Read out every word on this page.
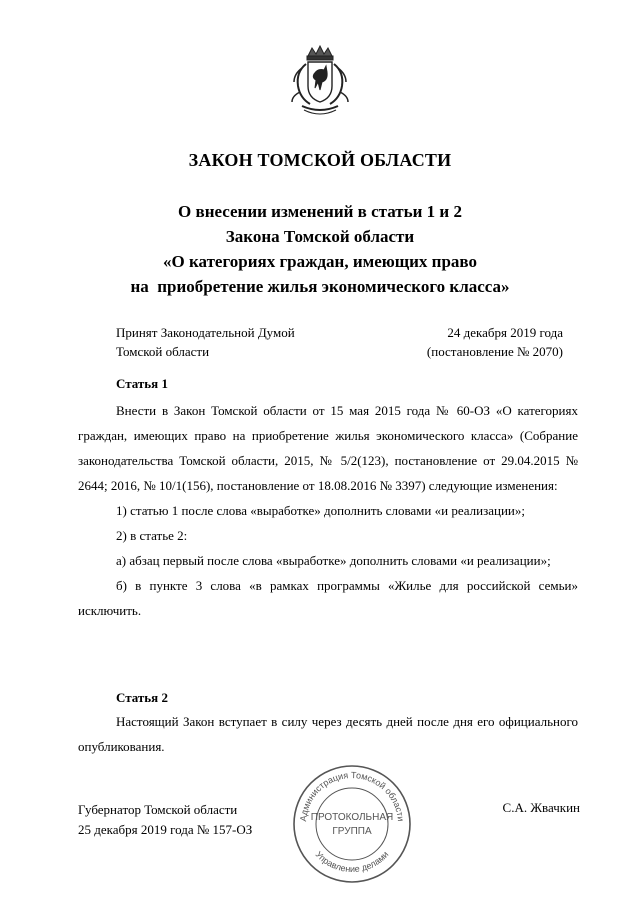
ЗАКОН ТОМСКОЙ ОБЛАСТИ
О внесении изменений в статьи 1 и 2
Закона Томской области
«О категориях граждан, имеющих право
на  приобретение жилья экономического класса»
Принят Законодательной Думой
Томской области
24 декабря 2019 года
(постановление № 2070)
Статья 1

Внести в Закон Томской области от 15 мая 2015 года № 60-ОЗ «О категориях граждан, имеющих право на приобретение жилья экономического класса» (Собрание законодательства Томской области, 2015, № 5/2(123), постановление от 29.04.2015 № 2644; 2016, № 10/1(156), постановление от 18.08.2016 № 3397) следующие изменения:

1) статью 1 после слова «выработке» дополнить словами «и реализации»;

2) в статье 2:

а) абзац первый после слова «выработке» дополнить словами «и реализации»;

б) в пункте 3 слова «в рамках программы «Жилье для российской семьи» исключить.

Статья 2

Настоящий Закон вступает в силу через десять дней после дня его официального опубликования.

Губернатор Томской области
25 декабря 2019 года № 157-ОЗ
С.А. Жвачкин
Администрация Томской области
Управление делами
ПРОТОКОЛЬНАЯ
ГРУППА
